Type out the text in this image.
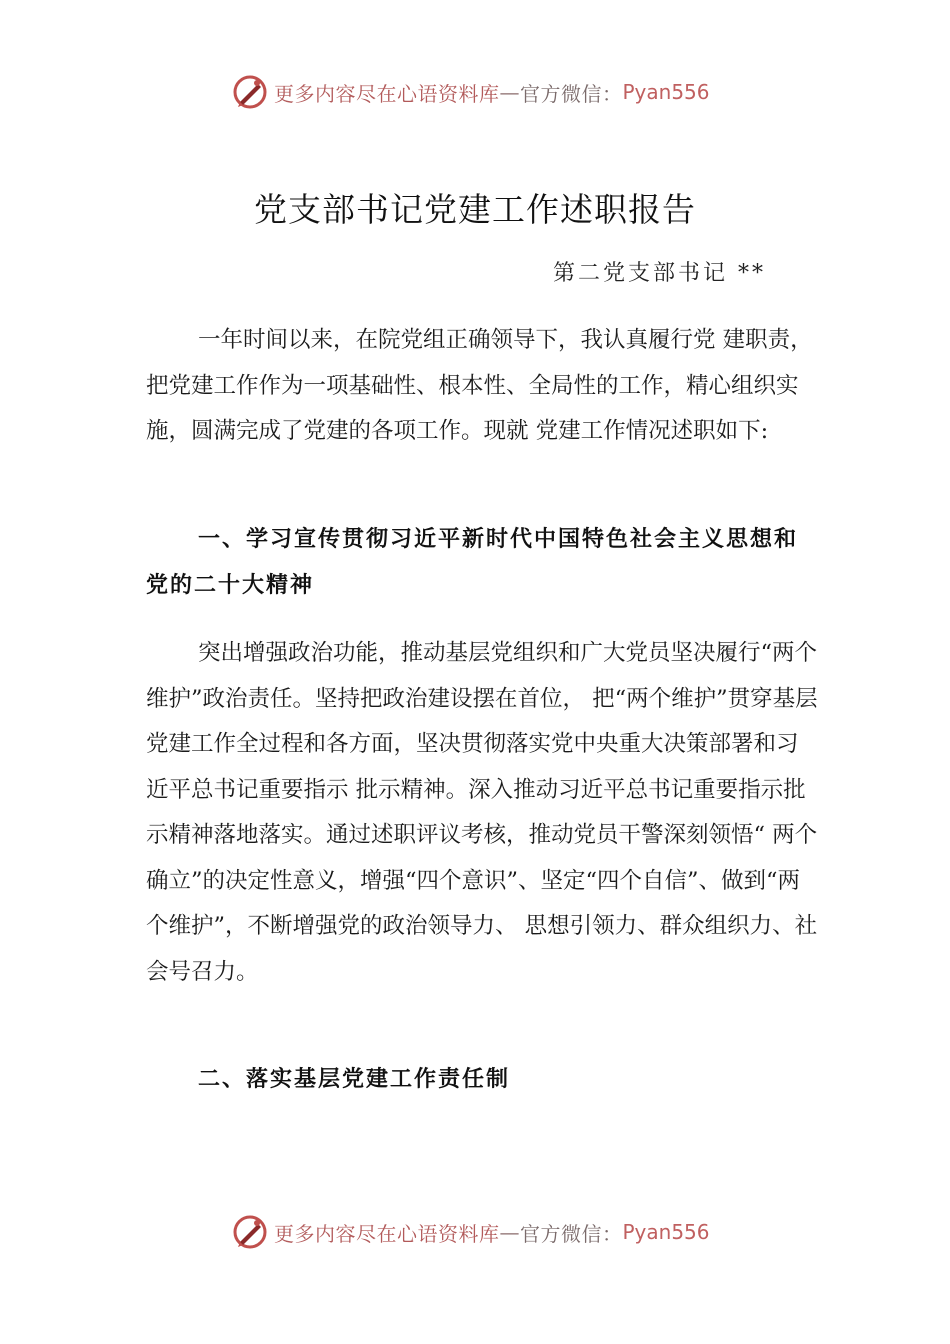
更多内容尽在心语资料库 — 官方微信： Pyan556
党支部书记党建工作述职报告
第二党支部书记 **

一年时间以来，在院党组正确领导下，我认真履行党 建职责，把党建工作作为一项基础性、根本性、全局性的工作，精心组织实施，圆满完成了党建的各项工作。现就 党建工作情况述职如下:

一、学习宣传贯彻习近平新时代中国特色社会主义思想和党的二十大精神

突出增强政治功能，推动基层党组织和广大党员坚决履行“两个维护”政治责任。坚持把政治建设摆在首位， 把“两个维护”贯穿基层党建工作全过程和各方面，坚决贯彻落实党中央重大决策部署和习近平总书记重要指示 批示精神。深入推动习近平总书记重要指示批示精神落地落实。通过述职评议考核，推动党员干警深刻领悟“ 两个确立”的决定性意义，增强“四个意识”、坚定“四个自信”、做到“两个维护”，不断增强党的政治领导力、 思想引领力、群众组织力、社会号召力。

二、落实基层党建工作责任制

更多内容尽在心语资料库 — 官方微信： Pyan556
